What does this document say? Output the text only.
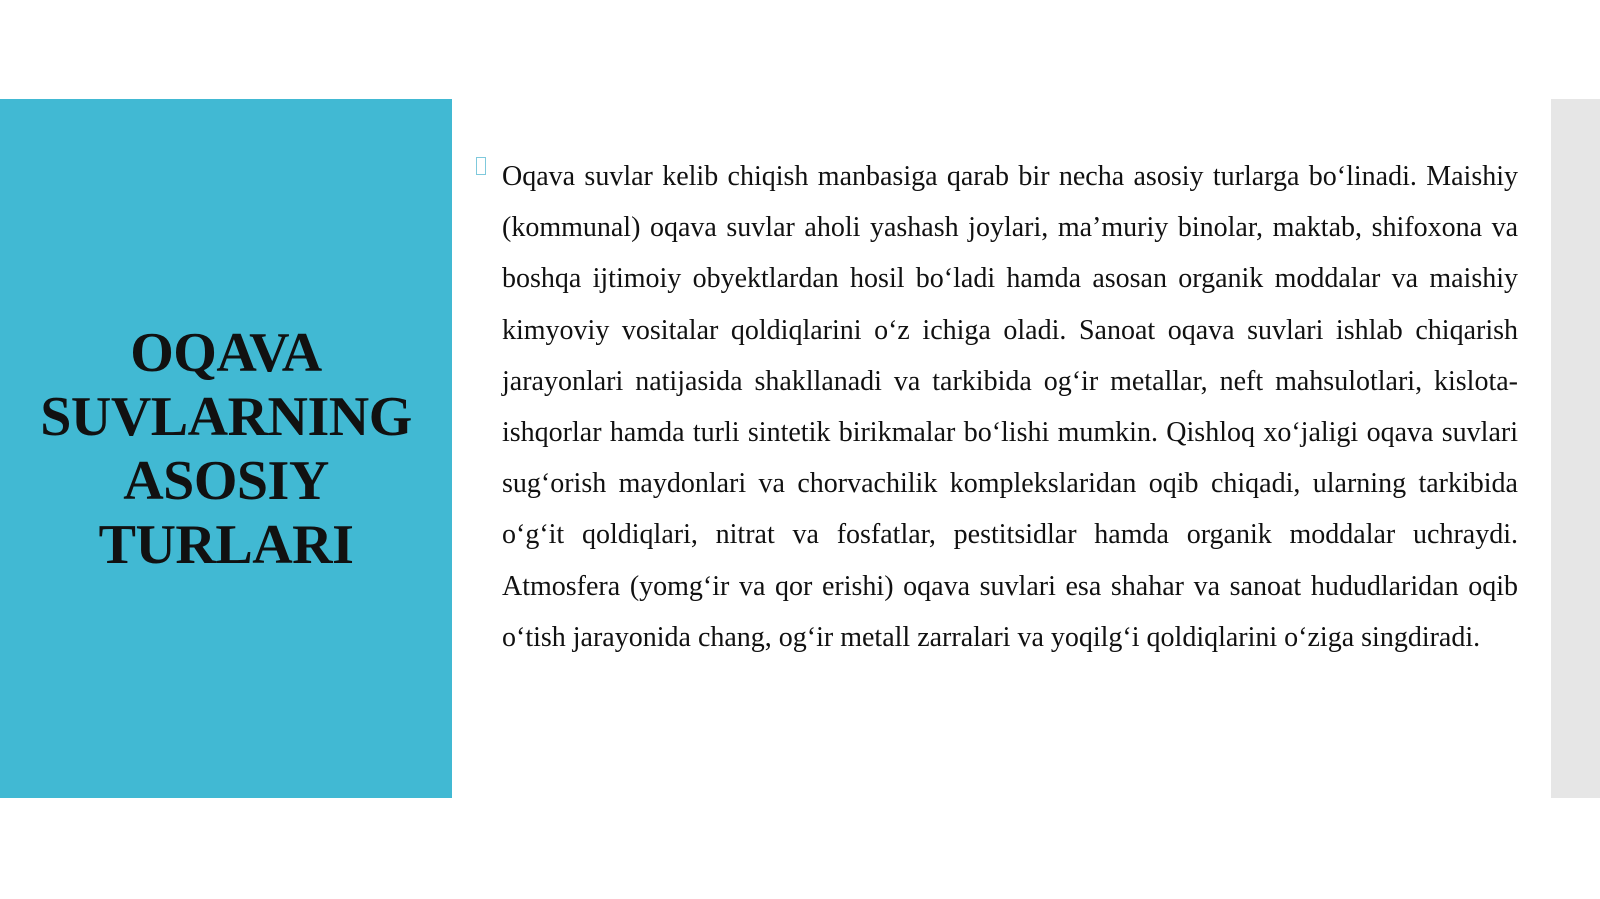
OQAVA SUVLARNING ASOSIY TURLARI

Oqava suvlar kelib chiqish manbasiga qarab bir necha asosiy turlarga bo‘linadi. Maishiy (kommunal) oqava suvlar aholi yashash joylari, ma’muriy binolar, maktab, shifoxona va boshqa ijtimoiy obyektlardan hosil bo‘ladi hamda asosan organik moddalar va maishiy kimyoviy vositalar qoldiqlarini o‘z ichiga oladi. Sanoat oqava suvlari ishlab chiqarish jarayonlari natijasida shakllanadi va tarkibida og‘ir metallar, neft mahsulotlari, kislota-ishqorlar hamda turli sintetik birikmalar bo‘lishi mumkin. Qishloq xo‘jaligi oqava suvlari sug‘orish maydonlari va chorvachilik komplekslaridan oqib chiqadi, ularning tarkibida o‘g‘it qoldiqlari, nitrat va fosfatlar, pestitsidlar hamda organik moddalar uchraydi. Atmosfera (yomg‘ir va qor erishi) oqava suvlari esa shahar va sanoat hududlaridan oqib o‘tish jarayonida chang, og‘ir metall zarralari va yoqilg‘i qoldiqlarini o‘ziga singdiradi.
